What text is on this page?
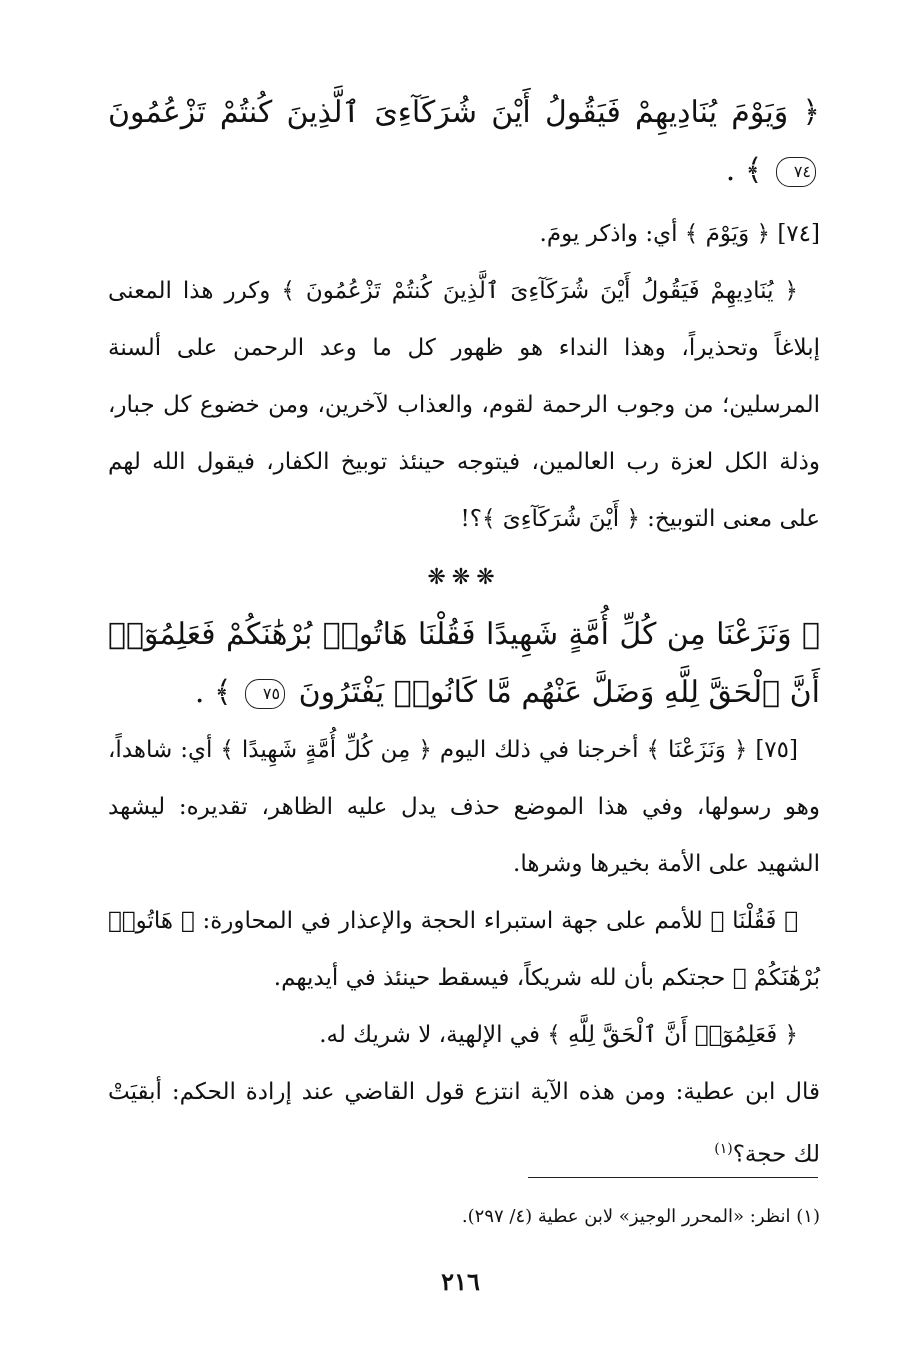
﴿ وَيَوْمَ يُنَادِيهِمْ فَيَقُولُ أَيْنَ شُرَكَآءِىَ ٱلَّذِينَ كُنتُمْ تَزْعُمُونَ ٧٤ ﴾ .

[٧٤] ﴿ وَيَوْمَ ﴾ أي: واذكر يومَ.

﴿ يُنَادِيهِمْ فَيَقُولُ أَيْنَ شُرَكَآءِىَ ٱلَّذِينَ كُنتُمْ تَزْعُمُونَ ﴾ وكرر هذا المعنى إبلاغاً وتحذيراً، وهذا النداء هو ظهور كل ما وعد الرحمن على ألسنة المرسلين؛ من وجوب الرحمة لقوم، والعذاب لآخرين، ومن خضوع كل جبار، وذلة الكل لعزة رب العالمين، فيتوجه حينئذ توبيخ الكفار، فيقول الله لهم على معنى التوبيخ: ﴿ أَيْنَ شُرَكَآءِىَ ﴾؟!

❋❋❋

﴿ وَنَزَعْنَا مِن كُلِّ أُمَّةٍ شَهِيدًا فَقُلْنَا هَاتُوا۟ بُرْهَٰنَكُمْ فَعَلِمُوٓا۟ أَنَّ ٱلْحَقَّ لِلَّهِ وَضَلَّ عَنْهُم مَّا كَانُوا۟ يَفْتَرُونَ ٧٥ ﴾ .

[٧٥] ﴿ وَنَزَعْنَا ﴾ أخرجنا في ذلك اليوم ﴿ مِن كُلِّ أُمَّةٍ شَهِيدًا ﴾ أي: شاهداً، وهو رسولها، وفي هذا الموضع حذف يدل عليه الظاهر، تقديره: ليشهد الشهيد على الأمة بخيرها وشرها.

﴿ فَقُلْنَا ﴾ للأمم على جهة استبراء الحجة والإعذار في المحاورة: ﴿ هَاتُوا۟ بُرْهَٰنَكُمْ ﴾ حجتكم بأن لله شريكاً، فيسقط حينئذ في أيديهم.

﴿ فَعَلِمُوٓا۟ أَنَّ ٱلْحَقَّ لِلَّهِ ﴾ في الإلهية، لا شريك له.

قال ابن عطية: ومن هذه الآية انتزع قول القاضي عند إرادة الحكم: أبقيَتْ لك حجة؟$^{(١)}$

(١) انظر: «المحرر الوجيز» لابن عطية (٤/ ٢٩٧).
٢١٦
